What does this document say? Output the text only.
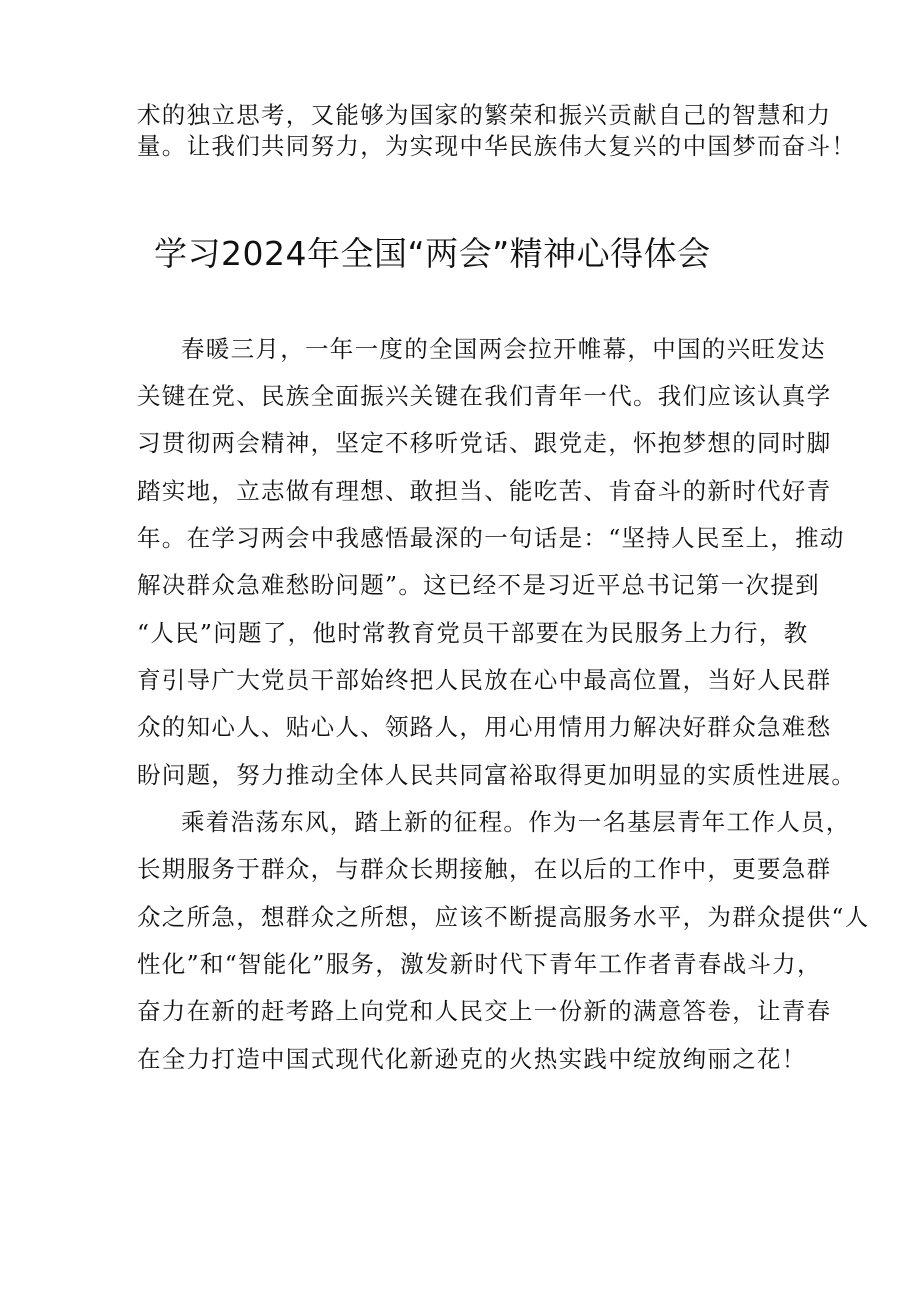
术的独立思考，又能够为国家的繁荣和振兴贡献自己的智慧和力
量。让我们共同努力，为实现中华民族伟大复兴的中国梦而奋斗！
学习2024年全国“两会”精神心得体会
春暖三月，一年一度的全国两会拉开帷幕，中国的兴旺发达
关键在党、民族全面振兴关键在我们青年一代。我们应该认真学
习贯彻两会精神，坚定不移听党话、跟党走，怀抱梦想的同时脚
踏实地，立志做有理想、敢担当、能吃苦、肯奋斗的新时代好青
年。在学习两会中我感悟最深的一句话是：“坚持人民至上，推动
解决群众急难愁盼问题”。这已经不是习近平总书记第一次提到
“人民”问题了，他时常教育党员干部要在为民服务上力行，教
育引导广大党员干部始终把人民放在心中最高位置，当好人民群
众的知心人、贴心人、领路人，用心用情用力解决好群众急难愁
盼问题，努力推动全体人民共同富裕取得更加明显的实质性进展。
乘着浩荡东风，踏上新的征程。作为一名基层青年工作人员，
长期服务于群众，与群众长期接触，在以后的工作中，更要急群
众之所急，想群众之所想，应该不断提高服务水平，为群众提供“人
性化”和“智能化”服务，激发新时代下青年工作者青春战斗力，
奋力在新的赶考路上向党和人民交上一份新的满意答卷，让青春
在全力打造中国式现代化新逊克的火热实践中绽放绚丽之花！
